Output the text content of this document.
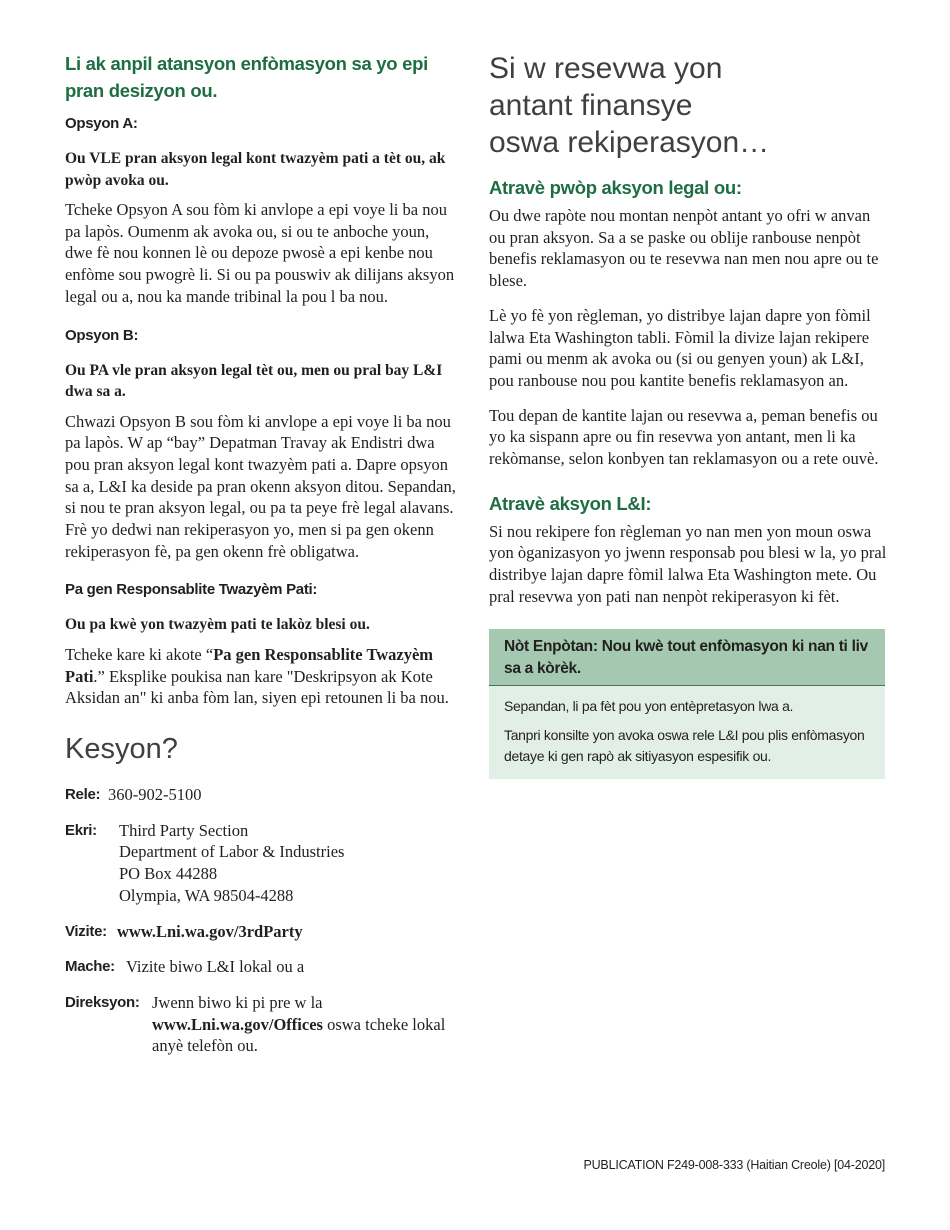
Li ak anpil atansyon enfòmasyon sa yo epi pran desizyon ou.
Opsyon A:

Ou VLE pran aksyon legal kont twazyèm pati a tèt ou, ak pwòp avoka ou.

Tcheke Opsyon A sou fòm ki anvlope a epi voye li ba nou pa lapòs. Oumenm ak avoka ou, si ou te anboche youn, dwe fè nou konnen lè ou depoze pwosè a epi kenbe nou enfòme sou pwogrè li. Si ou pa pouswiv ak dilijans aksyon legal ou a, nou ka mande tribinal la pou l ba nou.

Opsyon B:

Ou PA vle pran aksyon legal tèt ou, men ou pral bay L&I dwa sa a.

Chwazi Opsyon B sou fòm ki anvlope a epi voye li ba nou pa lapòs. W ap “bay” Depatman Travay ak Endistri dwa pou pran aksyon legal kont twazyèm pati a. Dapre opsyon sa a, L&I ka deside pa pran okenn aksyon ditou. Sepandan, si nou te pran aksyon legal, ou pa ta peye frè legal alavans. Frè yo dedwi nan rekiperasyon yo, men si pa gen okenn rekiperasyon fè, pa gen okenn frè obligatwa.

Pa gen Responsablite Twazyèm Pati:

Ou pa kwè yon twazyèm pati te lakòz blesi ou.

Tcheke kare ki akote “Pa gen Responsablite Twazyèm Pati.” Eksplike poukisa nan kare "Deskripsyon ak Kote Aksidan an" ki anba fòm lan, siyen epi retounen li ba nou.

Kesyon?
Rele: 360-902-5100
Ekri:	Third Party Section
Department of Labor & Industries
PO Box 44288
Olympia, WA 98504-4288
Vizite: www.Lni.wa.gov/3rdParty
Mache: Vizite biwo L&I lokal ou a
Direksyon: Jwenn biwo ki pi pre w la
www.Lni.wa.gov/Offices oswa tcheke lokal anyè telefòn ou.
Si w resevwa yon
antant finansye
oswa rekiperasyon…
Atravè pwòp aksyon legal ou:

Ou dwe rapòte nou montan nenpòt antant yo ofri w anvan ou pran aksyon. Sa a se paske ou oblije ranbouse nenpòt benefis reklamasyon ou te resevwa nan men nou apre ou te blese.

Lè yo fè yon règleman, yo distribye lajan dapre yon fòmil lalwa Eta Washington tabli. Fòmil la divize lajan rekipere pami ou menm ak avoka ou (si ou genyen youn) ak L&I, pou ranbouse nou pou kantite benefis reklamasyon an.

Tou depan de kantite lajan ou resevwa a, peman benefis ou yo ka sispann apre ou fin resevwa yon antant, men li ka rekòmanse, selon konbyen tan reklamasyon ou a rete ouvè.

Atravè aksyon L&I:

Si nou rekipere fon règleman yo nan men yon moun oswa yon òganizasyon yo jwenn responsab pou blesi w la, yo pral distribye lajan dapre fòmil lalwa Eta Washington mete. Ou pral resevwa yon pati nan nenpòt rekiperasyon ki fèt.

Nòt Enpòtan: Nou kwè tout enfòmasyon ki nan ti liv sa a kòrèk.

Sepandan, li pa fèt pou yon entèpretasyon lwa a.

Tanpri konsilte yon avoka oswa rele L&I pou plis enfòmasyon detaye ki gen rapò ak sitiyasyon espesifik ou.

PUBLICATION F249-008-333 (Haitian Creole) [04-2020]
